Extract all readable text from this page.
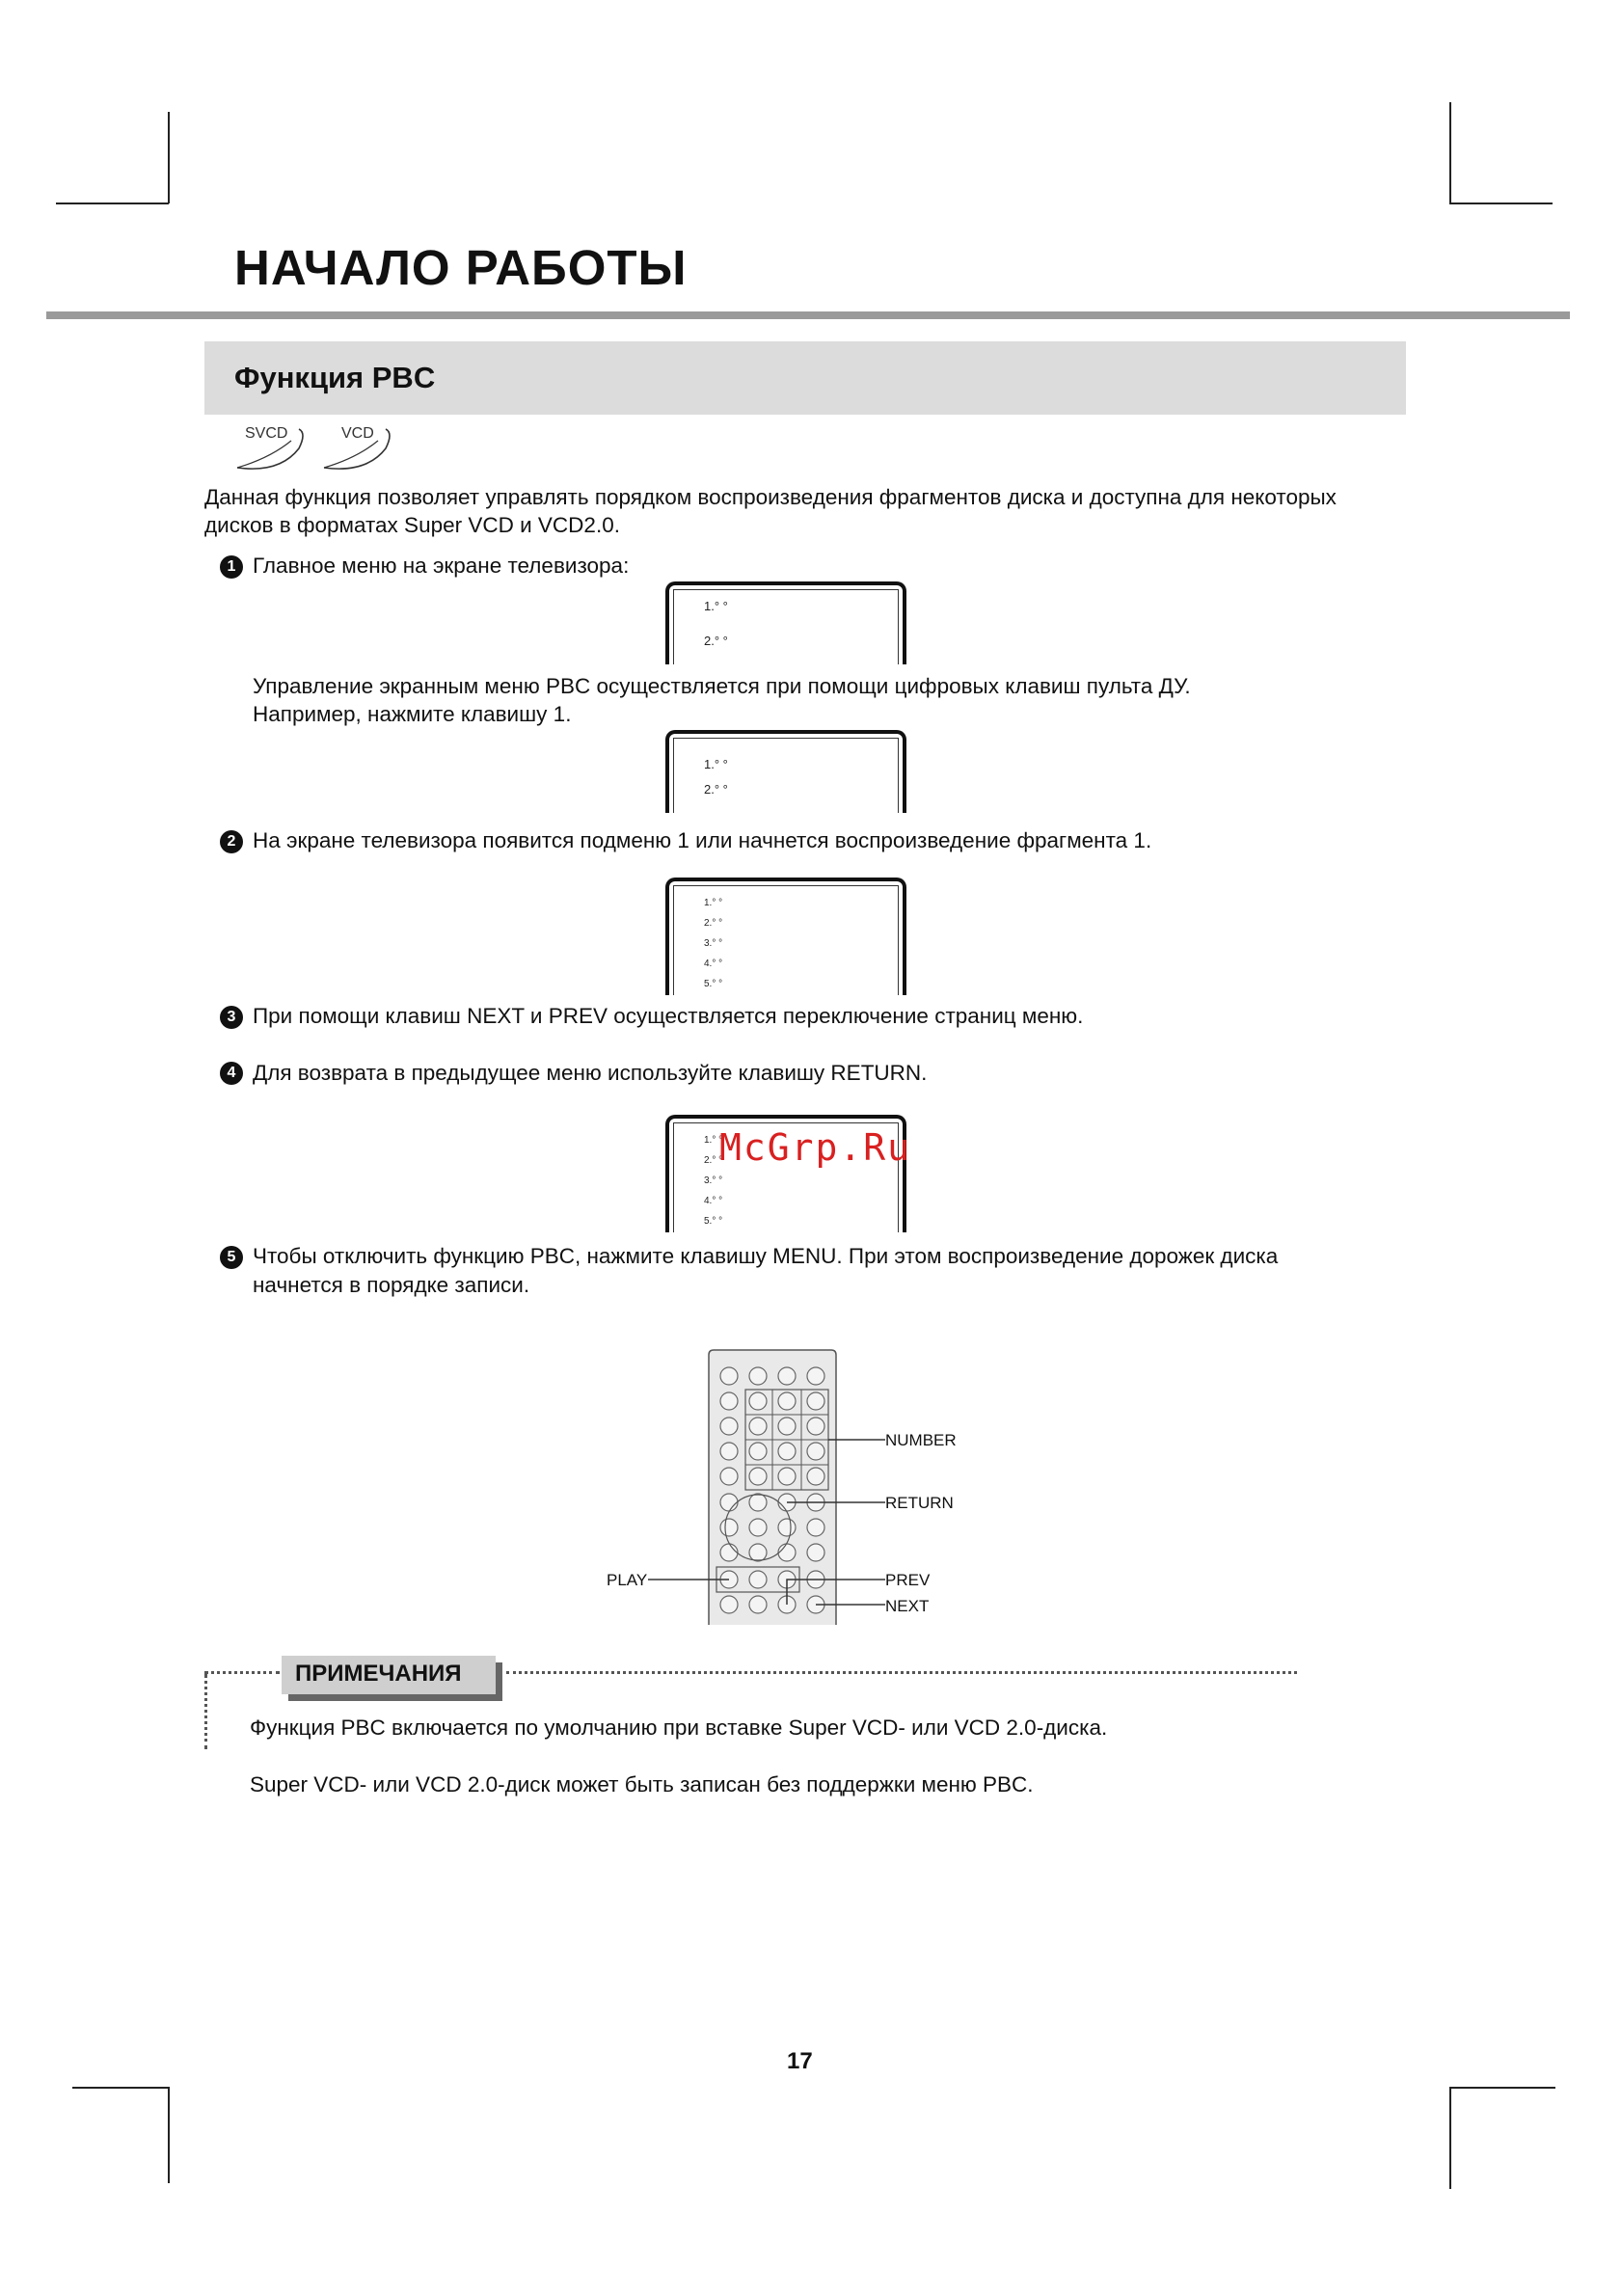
НАЧАЛО РАБОТЫ
Функция PBC
SVCD	VCD
Данная функция позволяет управлять порядком воспроизведения фрагментов диска и доступна для некоторых
дисков в форматах Super VCD и VCD2.0.
1 Главное меню на экране телевизора:
1.° °
2.° °
Управление экранным меню PBC осуществляется при помощи цифровых клавиш пульта ДУ.
Например, нажмите клавишу 1.
1.° °
2.° °
2 На экране телевизора появится подменю 1 или начнется воспроизведение фрагмента 1.
1.° °
2.° °
3.° °
4.° °
5.° °
3 При помощи клавиш NEXT и PREV осуществляется переключение страниц меню.
4 Для возврата в предыдущее меню используйте клавишу RETURN.
1.° °
2.° °
3.° °
4.° °
5.° °
McGrp.Ru
5 Чтобы отключить функцию PBC, нажмите клавишу MENU. При этом воспроизведение дорожек диска
начнется в порядке записи.
NUMBER
RETURN
PLAY	PREV
NEXT
ПРИМЕЧАНИЯ
Функция PBC включается по умолчанию при вставке Super VCD- или VCD 2.0-диска.
Super VCD- или VCD 2.0-диск может быть записан без поддержки меню PBC.
17
